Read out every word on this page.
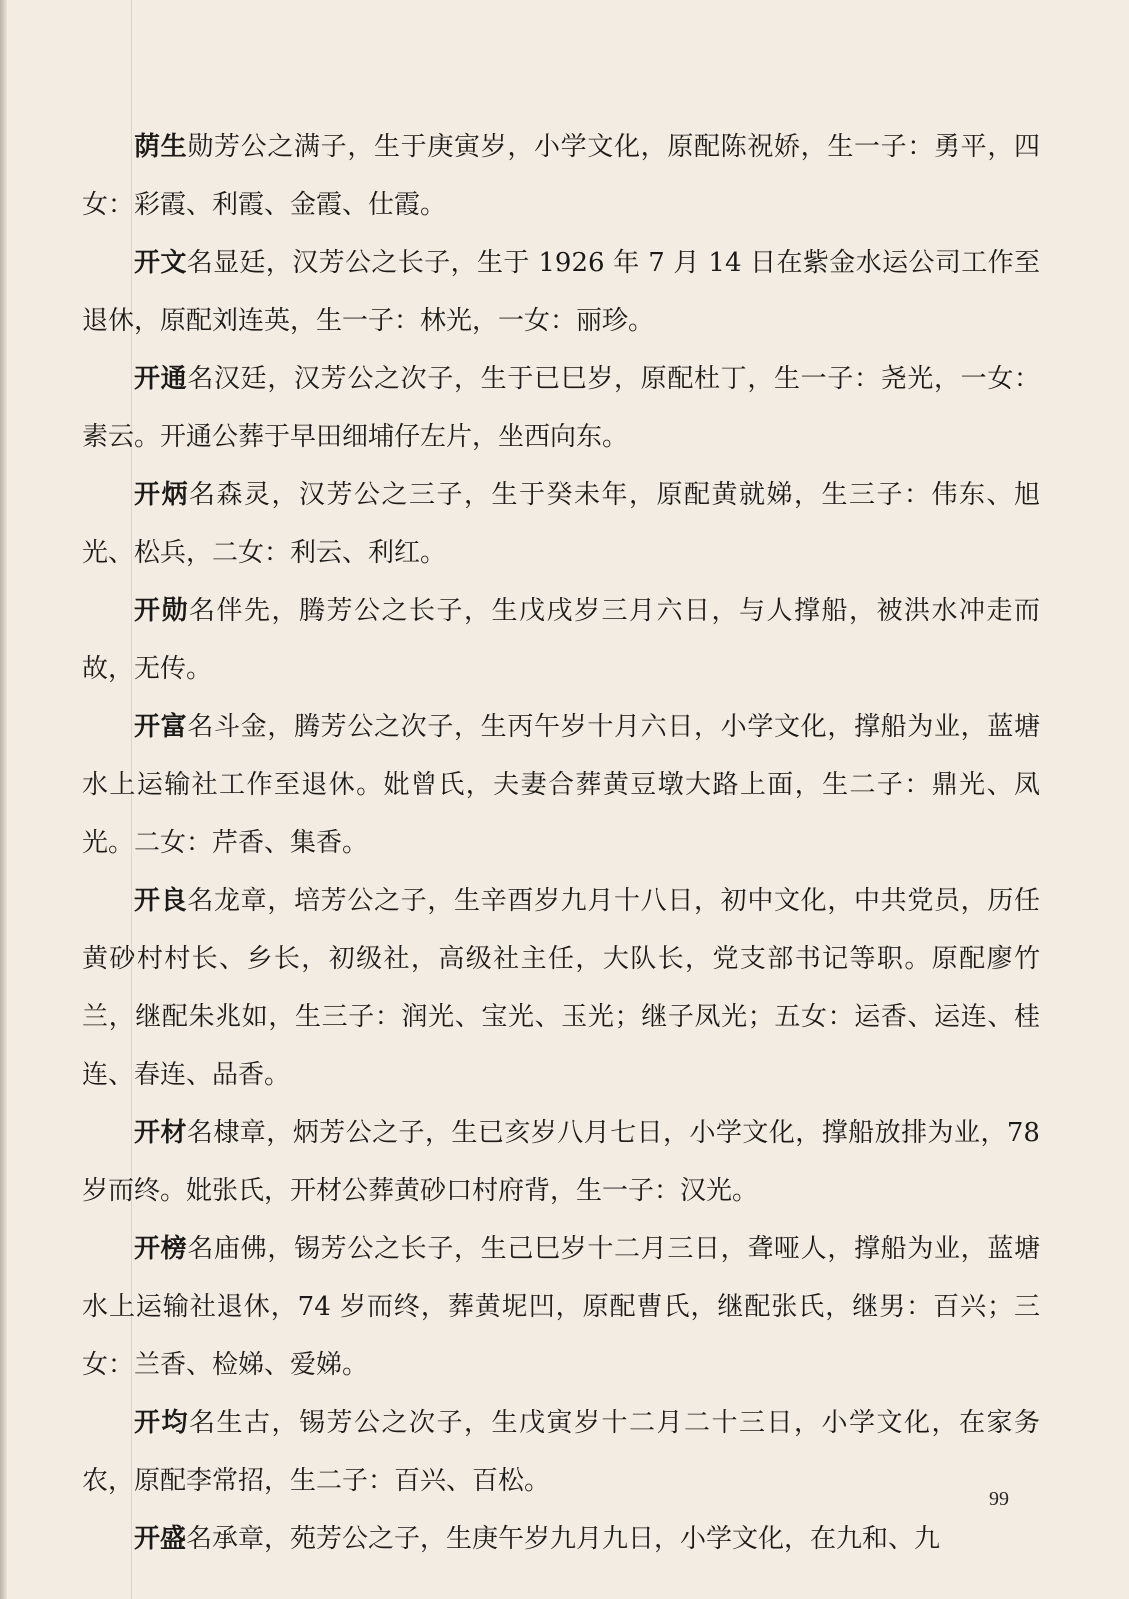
荫生勋芳公之满子，生于庚寅岁，小学文化，原配陈祝娇，生一子：勇平，四女：彩霞、利霞、金霞、仕霞。

开文名显廷，汉芳公之长子，生于 1926 年 7 月 14 日在紫金水运公司工作至退休，原配刘连英，生一子：林光，一女：丽珍。

开通名汉廷，汉芳公之次子，生于已巳岁，原配杜丁，生一子：尧光，一女：素云。开通公葬于早田细埔仔左片，坐西向东。

开炳名森灵，汉芳公之三子，生于癸未年，原配黄就娣，生三子：伟东、旭光、松兵，二女：利云、利红。

开勋名伴先，腾芳公之长子，生戊戌岁三月六日，与人撑船，被洪水冲走而故，无传。

开富名斗金，腾芳公之次子，生丙午岁十月六日，小学文化，撑船为业，蓝塘水上运输社工作至退休。妣曾氏，夫妻合葬黄豆墩大路上面，生二子：鼎光、凤光。二女：芹香、集香。

开良名龙章，培芳公之子，生辛酉岁九月十八日，初中文化，中共党员，历任黄砂村村长、乡长，初级社，高级社主任，大队长，党支部书记等职。原配廖竹兰，继配朱兆如，生三子：润光、宝光、玉光；继子凤光；五女：运香、运连、桂连、春连、品香。

开材名棣章，炳芳公之子，生已亥岁八月七日，小学文化，撑船放排为业，78 岁而终。妣张氏，开材公葬黄砂口村府背，生一子：汉光。

开榜名庙佛，锡芳公之长子，生己巳岁十二月三日，聋哑人，撑船为业，蓝塘水上运输社退休，74 岁而终，葬黄坭凹，原配曹氏，继配张氏，继男：百兴；三女：兰香、检娣、爱娣。

开均名生古，锡芳公之次子，生戊寅岁十二月二十三日，小学文化，在家务农，原配李常招，生二子：百兴、百松。

开盛名承章，苑芳公之子，生庚午岁九月九日，小学文化，在九和、九

99
